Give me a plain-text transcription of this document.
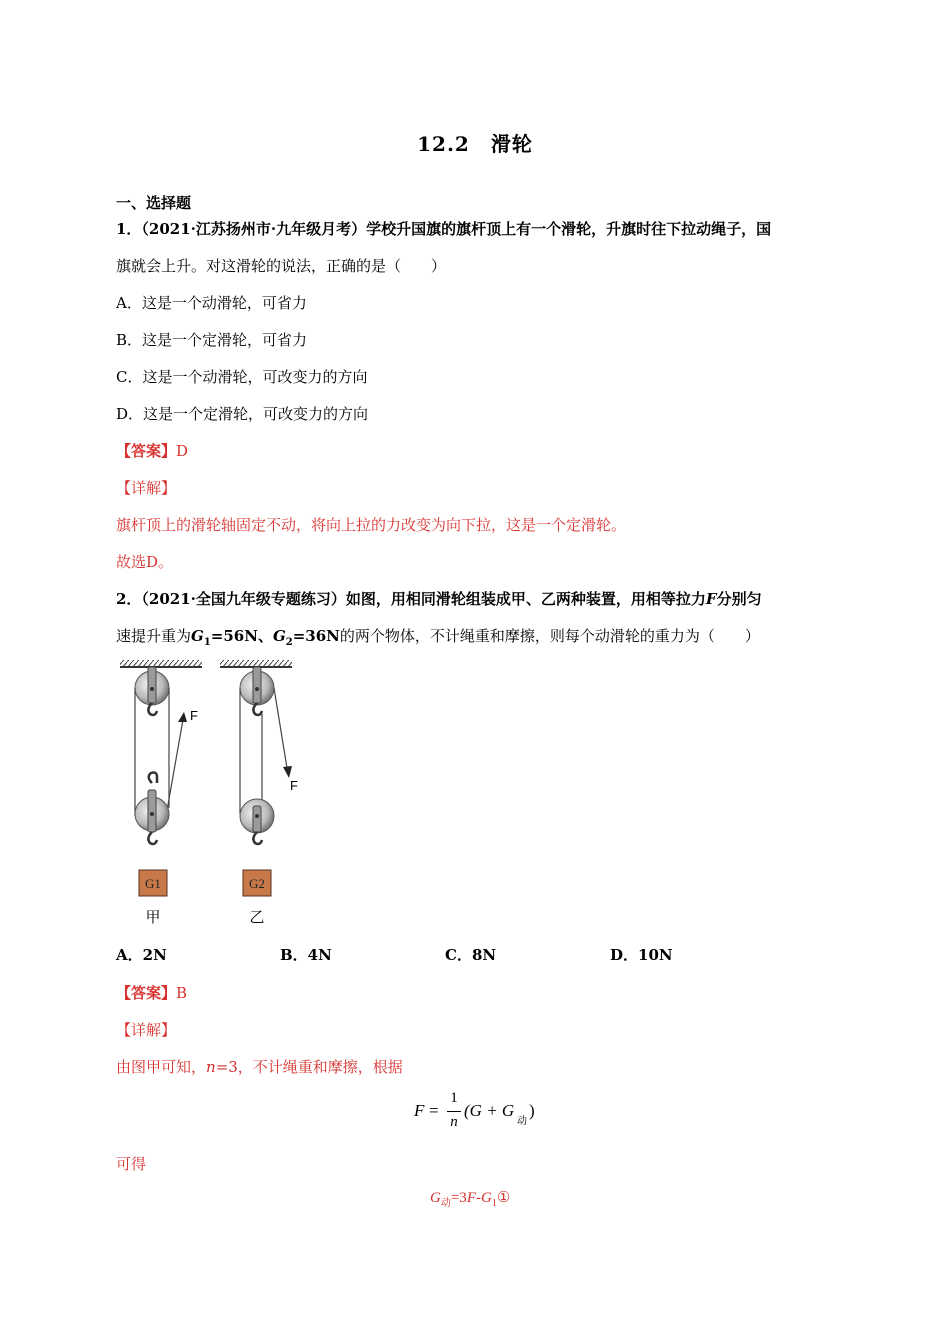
12.2　滑轮
一、选择题
1．（2021·江苏扬州市·九年级月考）学校升国旗的旗杆顶上有一个滑轮，升旗时往下拉动绳子，国
旗就会上升。对这滑轮的说法，正确的是（　　）
A．这是一个动滑轮，可省力
B．这是一个定滑轮，可省力
C．这是一个动滑轮，可改变力的方向
D．这是一个定滑轮，可改变力的方向
【答案】D
【详解】
旗杆顶上的滑轮轴固定不动，将向上拉的力改变为向下拉，这是一个定滑轮。
故选D。
2．（2021·全国九年级专题练习）如图，用相同滑轮组装成甲、乙两种装置，用相等拉力F分别匀
速提升重为$G_1=56N$、$G_2=36N$的两个物体，不计绳重和摩擦，则每个动滑轮的重力为（　　）
F
G1
甲
F
G2
乙
A．2N	B．4N	C．8N	D．10N
【答案】B
【详解】
由图甲可知，n=3，不计绳重和摩擦，根据
F =
1
n
(G + G
动
)
可得
$G_动=3F-G_1①$
